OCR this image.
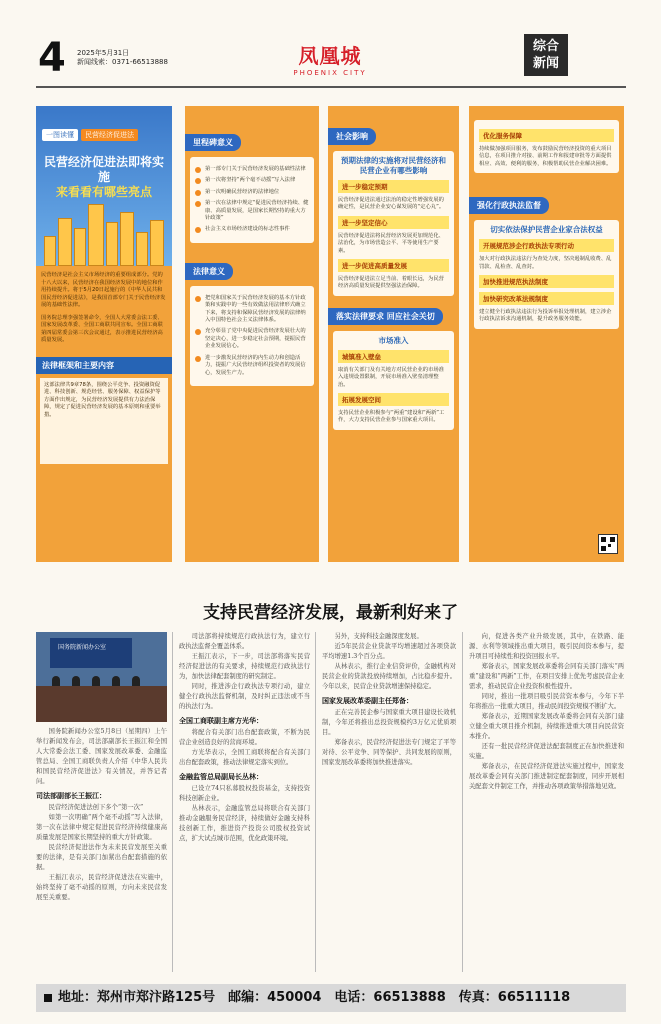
4 2025年5月31日
新闻线索：0371-66513888	凤凰城
PHOENIX CITY
综合
新闻
一图读懂 民营经济促进法
民营经济促进法即将实施
来看看有哪些亮点

民营经济是社会主义市场经济的重要组成部分。党的十八大以来，民营经济在我国经济发展中的地位和作用持续提升。将于5月20日起施行的《中华人民共和国民营经济促进法》，是我国首部专门关于民营经济发展的基础性法律。

国务院总理李强签署命令，全国人大常委会法工委、国家发展改革委、全国工商联共同宣布。全国工商联第四届常委会第三次会议通过，表示推进民营经济高质量发展。

法律框架和主要内容
这部法律共9章78条，围绕公平竞争、投资融资促进、科技创新、规范经营、服务保障、权益保护等方面作出规定，为民营经济发展提供有力法治保障，规定了促进民营经济发展的基本原则和重要举措。
里程碑意义
第一部专门关于民营经济发展的基础性法律
第一次将坚持“两个毫不动摇”写入法律
第一次明确民营经济的法律地位
第一次在法律中规定“促进民营经济持续、健康、高质量发展，是国家长期坚持的重大方针政策”
社会主义市场经济建设的标志性事件
法律意义
把党和国家关于民营经济发展的基本方针政策和实践中的一些有效做法用法律形式确立下来，将支持和保障民营经济发展的法律纳入中国特色社会主义法律体系。
充分彰显了党中央促进民营经济发展壮大的坚定决心，进一步稳定社会预期，提振民营企业发展信心。
进一步激发民营经济的内生动力和创造活力，提振广大民营经济组织投资者的发展信心，发展生产力。
社会影响
预期法律的实施将对民营经济和民营企业有哪些影响
进一步稳定预期
民营经济促进法通过法治的稳定性增强发展的确定性，是民营企业安心谋发展的“定心丸”。
进一步坚定信心
民营经济促进法将民营经济发展更加规范化、法治化，为市场营造公平、平等使用生产要素。
进一步促进高质量发展
民营经济促进法立足当前、着眼长远，为民营经济高质量发展提供坚强法治保障。
落实法律要求 回应社会关切
市场准入
城镇准入壁垒
取消有关部门及有关地方对民营企业的市场准入违规设置限制，开展市场准入壁垒清理整治。
拓展发展空间
支持民营企业积极参与“两重”建设和“两新”工作，大力支持民营企业参与国家重大项目。
优化服务保障
持续做加强项目服务，发布鼓励民营经济投资的重大项目信息，在项目推介对接、前期工作和报建审批等方面提供相应、高效、便利的服务，积极帮助民营企业解决困难。
强化行政执法监督
切实依法保护民营企业家合法权益
开展规范涉企行政执法专项行动
加大对行政执法违法行为查处力度，坚决遏制乱收费、乱罚款、乱检查、乱查封。
加快推进规范执法制度
加快研究改革法规制度
建立健全行政执法违法行为投诉举报处理机制，建立涉企行政执法诉求沟通机制，提升政务服务效能。
支持民营经济发展，最新利好来了
国务院新闻办公室

国务院新闻办公室5月8日（星期四）上午举行新闻发布会，司法部副部长王振江和全国人大常委会法工委、国家发展改革委、金融监管总局、全国工商联负责人介绍《中华人民共和国民营经济促进法》有关情况，并答记者问。

司法部副部长王振江：

民营经济促进法创下多个“第一次”

如第一次明确“两个毫不动摇”写入法律，第一次在法律中规定促进民营经济持续健康高质量发展是国家长期坚持的重大方针政策。

民营经济促进法作为未来民营发展至关重要的法律，是有关部门加紧出台配套措施的依据。

王振江表示，民营经济促进法在实施中，始终坚持了毫不动摇的原则，方向未来民营发展至关重要。

司法部将持续规范行政执法行为，建立行政执法监督全覆盖体系。

王振江表示，下一步，司法部将落实民营经济促进法的有关要求，持续规范行政执法行为，加快法律配套制度的研究制定。

同时，推进涉企行政执法专项行动，建立健全行政执法监督机制，及时纠正违法或不当的执法行为。

全国工商联副主席方光华：

将配合有关部门出台配套政策，不断为民营企业创造良好的营商环境。

方光华表示，全国工商联将配合有关部门出台配套政策，推动法律规定落实到位。

金融监管总局副局长丛林：

已设立74只私募股权投资基金，支持投资科技创新企业。

丛林表示，金融监管总局将联合有关部门推动金融服务民营经济，持续做好金融支持科技创新工作，推进资产投资公司股权投资试点，扩大试点城市范围，优化政策环境。

另外，支持科技金融深度发展。

近5年民营企业贷款平均增速超过各项贷款平均增速1.3个百分点。

从林表示，推行企业信贷评价，金融机构对民营企业的贷款投放持续增加，占比稳步提升。今年以来，民营企业贷款增速保持稳定。

国家发展改革委副主任郑备：

正在完善民企参与国家重大项目建设长效机制，今年还将推出总投资规模约3万亿元优质项目。

郑备表示，民营经济促进法专门规定了平等对待、公平竞争、同等保护、共同发展的原则，国家发展改革委将加快推进落实。

向，促进各类产业升级发展，其中，在铁路、能源、水利等领域推出重大项目，吸引民间资本参与，提升项目可持续性和投资回报水平。

郑备表示，国家发展改革委将会同有关部门落实“两重”建设和“两新”工作，在项目安排上优先考虑民营企业需求，推动民营企业投资积极性提升。

同时，推出一批项目吸引民营资本参与，今年下半年将推出一批重大项目，推动民间投资规模不断扩大。

郑备表示，近期国家发展改革委将会同有关部门建立健全重大项目推介机制，持续推进重大项目向民营资本推介。

还有一批民营经济促进法配套制度正在加快推进和实施。

郑备表示，在民营经济促进法实施过程中，国家发展改革委会同有关部门推进制定配套制度，同步开展相关配套文件制定工作，并推动各项政策举措落地见效。

地址：郑州市郑汴路125号　邮编：450004　电话：66513888　传真：66511118
